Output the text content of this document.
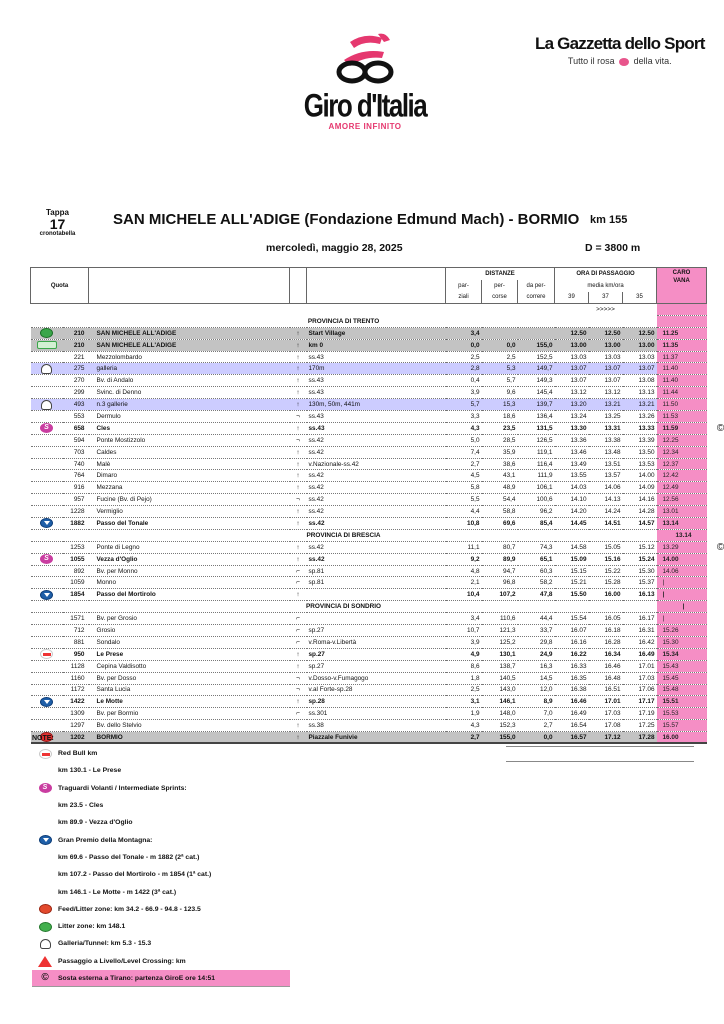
Giro d'Italia
AMORE INFINITO
La Gazzetta dello Sport
Tutto il rosa della vita.
Tappa
17
cronotabella
SAN MICHELE ALL'ADIGE (Fondazione Edmund Mach) - BORMIO km 155
mercoledì, maggio 28, 2025	D = 3800 m
Quota					DISTANZE			ORA DI PASSAGGIO			CARO
VANA	
					par-	per-	da per-	media km/ora				
					ziali	corse	correre	39	37	35		
								>>>>>				
PROVINCIA DI TRENTO												
	210	SAN MICHELE ALL'ADIGE	↑	Start Village	3,4			12.50	12.50	12.50	11.25	
	210	SAN MICHELE ALL'ADIGE	↑	km 0	0,0	0,0	155,0	13.00	13.00	13.00	11.35	
	221	Mezzolombardo	↑	ss.43	2,5	2,5	152,5	13.03	13.03	13.03	11.37	
	275	galleria	↑	170m	2,8	5,3	149,7	13.07	13.07	13.07	11.40	
	270	Bv. di Andalo	↑	ss.43	0,4	5,7	149,3	13.07	13.07	13.08	11.40	
	299	Svinc. di Denno	↑	ss.43	3,9	9,6	145,4	13.12	13.12	13.13	11.44	
	493	n.3 gallerie	↑	130m, 50m, 441m	5,7	15,3	139,7	13.20	13.21	13.21	11.50	
	553	Dermulo	¬	ss.43	3,3	18,6	136,4	13.24	13.25	13.26	11.53	
S	658	Cles	↑	ss.43	4,3	23,5	131,5	13.30	13.31	13.33	11.59	©
	594	Ponte Mostizzolo	¬	ss.42	5,0	28,5	126,5	13.36	13.38	13.39	12.25	
	703	Caldes	↑	ss.42	7,4	35,9	119,1	13.46	13.48	13.50	12.34	
	740	Malè	↑	v.Nazionale-ss.42	2,7	38,6	116,4	13.49	13.51	13.53	12.37	
	764	Dimaro	↑	ss.42	4,5	43,1	111,9	13.55	13.57	14.00	12.42	
	916	Mezzana	↑	ss.42	5,8	48,9	106,1	14.03	14.06	14.09	12.49	
	957	Fucine (Bv. di Pejo)	¬	ss.42	5,5	54,4	100,6	14.10	14.13	14.16	12.56	
	1228	Vermiglio	↑	ss.42	4,4	58,8	96,2	14.20	14.24	14.28	13.01	
	1882	Passo del Tonale	↑	ss.42	10,8	69,6	85,4	14.45	14.51	14.57	13.14	
PROVINCIA DI BRESCIA											13.14	
	1253	Ponte di Legno	↑	ss.42	11,1	80,7	74,3	14.58	15.05	15.12	13.29	©
S	1055	Vezza d'Oglio	↑	ss.42	9,2	89,9	65,1	15.09	15.16	15.24	14.00	
	892	Bv. per Monno	⌐	sp.81	4,8	94,7	60,3	15.15	15.22	15.30	14.06	
	1059	Monno	⌐	sp.81	2,1	96,8	58,2	15.21	15.28	15.37	|	
	1854	Passo del Mortirolo	↑		10,4	107,2	47,8	15.50	16.00	16.13	|	
PROVINCIA DI SONDRIO											|	
	1571	Bv. per Grosio	⌐		3,4	110,6	44,4	15.54	16.05	16.17	|	
	712	Grosio	⌐	sp.27	10,7	121,3	33,7	16.07	16.18	16.31	15.26	
	881	Sondalo	⌐	v.Roma-v.Libertà	3,9	125,2	29,8	16.16	16.28	16.42	15.30	
	950	Le Prese	↑	sp.27	4,9	130,1	24,9	16.22	16.34	16.49	15.34	
	1128	Cepina Valdisotto	↑	sp.27	8,6	138,7	16,3	16.33	16.46	17.01	15.43	
	1160	Bv. per Dosso	¬	v.Dosso-v.Fumagogo	1,8	140,5	14,5	16.35	16.48	17.03	15.45	
	1172	Santa Lucia	¬	v.al Forte-sp.28	2,5	143,0	12,0	16.38	16.51	17.06	15.48	
	1422	Le Motte	↑	sp.28	3,1	146,1	8,9	16.46	17.01	17.17	15.51	
	1309	Bv. per Bormio	⌐	ss.301	1,9	148,0	7,0	16.49	17.03	17.19	15.53	
	1297	Bv. dello Stelvio	↑	ss.38	4,3	152,3	2,7	16.54	17.08	17.25	15.57	
	1202	BORMIO	↑	Piazzale Funivie	2,7	155,0	0,0	16.57	17.12	17.28	16.00	
NOTE:
Red Bull km
km 130.1 - Le Prese
S	Traguardi Volanti / Intermediate Sprints:
km 23.5 - Cles
km 89.9 - Vezza d'Oglio
Gran Premio della Montagna:
km 69.6 - Passo del Tonale - m 1882 (2ª cat.)
km 107.2 - Passo del Mortirolo - m 1854 (1ª cat.)
km 146.1 - Le Motte - m 1422 (3ª cat.)
Feed/Litter zone: km 34.2 - 66.9 - 94.8 - 123.5
Litter zone: km 148.1
Galleria/Tunnel: km 5.3 - 15.3
Passaggio a Livello/Level Crossing: km
©	Sosta esterna a Tirano: partenza GiroE ore 14:51
